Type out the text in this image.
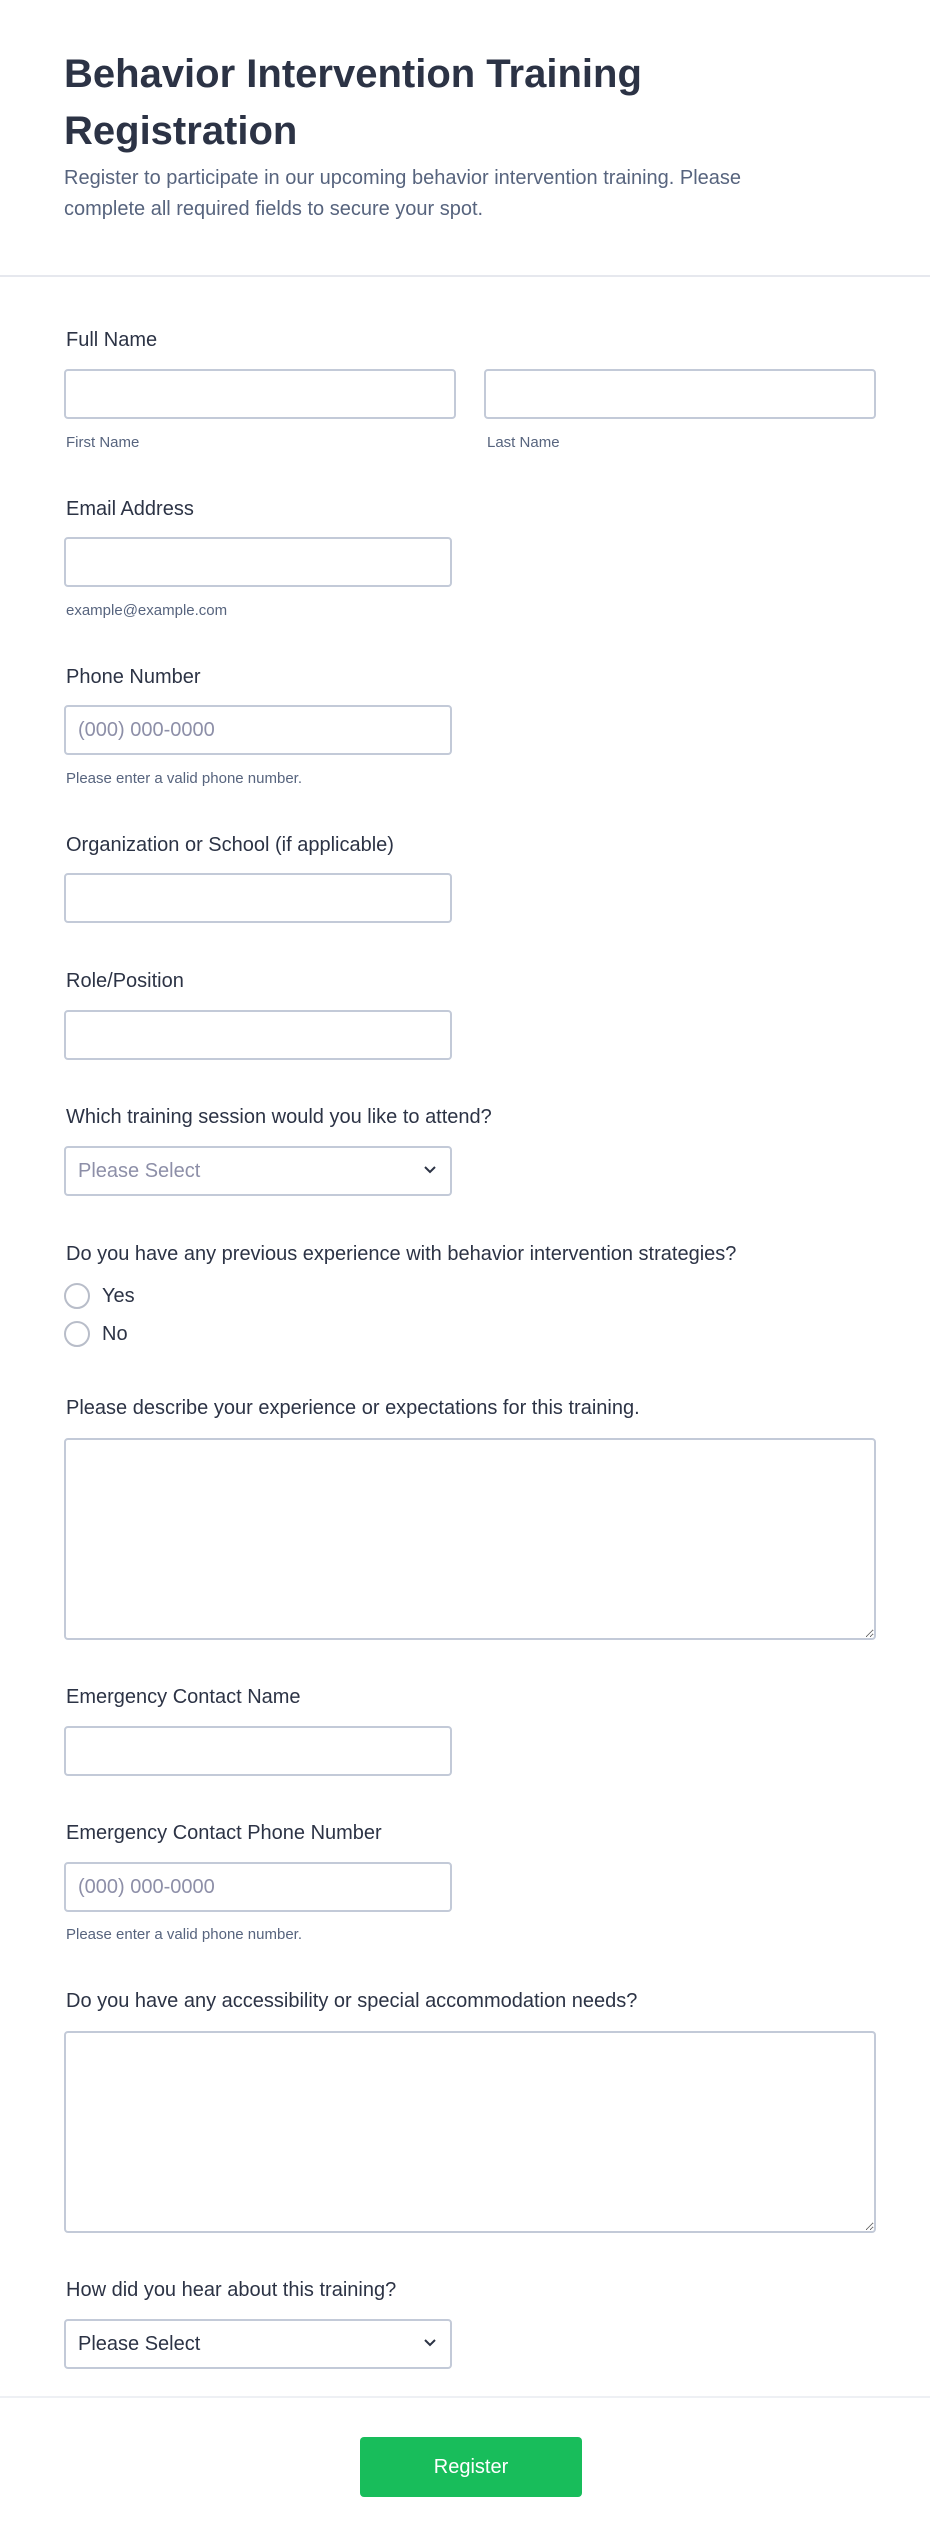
Behavior Intervention Training Registration

Register to participate in our upcoming behavior intervention training. Please complete all required fields to secure your spot.

Full Name
First Name	Last Name
Email Address
example@example.com
Phone Number
(000) 000-0000
Please enter a valid phone number.
Organization or School (if applicable)
Role/Position
Which training session would you like to attend?
Please Select
Do you have any previous experience with behavior intervention strategies?
Yes
No
Please describe your experience or expectations for this training.
Emergency Contact Name
Emergency Contact Phone Number
(000) 000-0000
Please enter a valid phone number.
Do you have any accessibility or special accommodation needs?
How did you hear about this training?
Please Select
Register
